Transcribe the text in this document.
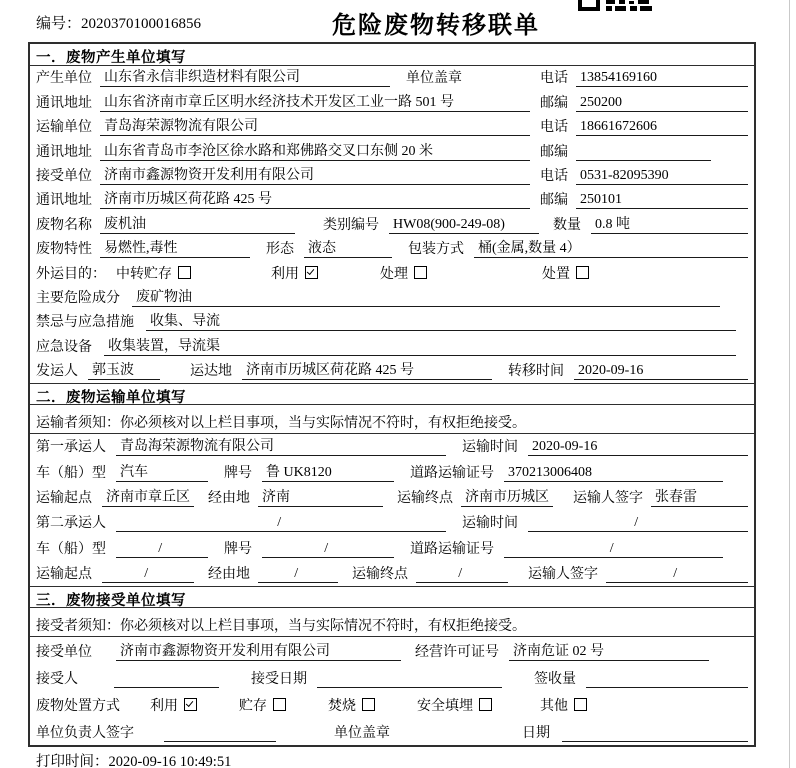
编号：2020370100016856	危险废物转移联单
一．废物产生单位填写
产生单位 山东省永信非织造材料有限公司	单位盖章	电话 13854169160
通讯地址 山东省济南市章丘区明水经济技术开发区工业一路 501 号	邮编 250200
运输单位 青岛海荣源物流有限公司	电话 18661672606
通讯地址 山东省青岛市李沧区徐水路和郑佛路交叉口东侧 20 米	邮编
接受单位 济南市鑫源物资开发利用有限公司	电话 0531-82095390
通讯地址 济南市历城区荷花路 425 号	邮编 250101
废物名称 废机油	类别编号 HW08(900-249-08)	数量 0.8 吨
废物特性 易燃性,毒性	形态 液态	包装方式 桶(金属,数量 4）
外运目的： 中转贮存	利用	处理	处置
主要危险成分 废矿物油
禁忌与应急措施 收集、导流
应急设备 收集装置，导流渠
发运人 郭玉波	运达地 济南市历城区荷花路 425 号	转移时间 2020-09-16
二．废物运输单位填写
运输者须知：你必须核对以上栏目事项，当与实际情况不符时，有权拒绝接受。
第一承运人 青岛海荣源物流有限公司	运输时间 2020-09-16
车（船）型 汽车	牌号 鲁 UK8120	道路运输证号 370213006408
运输起点 济南市章丘区 经由地 济南	运输终点 济南市历城区 运输人签字 张春雷
第二承运人	/	运输时间	/
车（船）型	/	牌号	/	道路运输证号	/
运输起点	/	经由地	/	运输终点	/	运输人签字	/
三．废物接受单位填写
接受者须知：你必须核对以上栏目事项，当与实际情况不符时，有权拒绝接受。
接受单位 济南市鑫源物资开发利用有限公司	经营许可证号 济南危证 02 号
接受人	接受日期	签收量
废物处置方式 利用	贮存	焚烧	安全填埋	其他
单位负责人签字	单位盖章	日期
打印时间：2020-09-16 10:49:51
